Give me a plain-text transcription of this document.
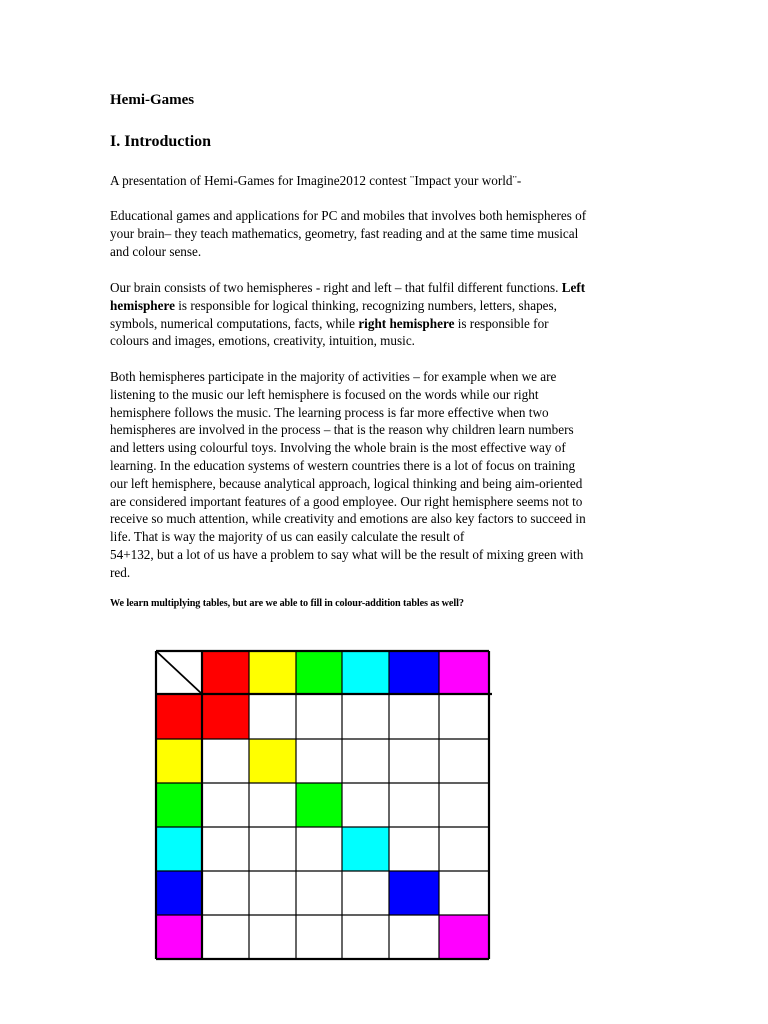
Hemi-Games
I. Introduction
A presentation of Hemi-Games for Imagine2012 contest ¨Impact your world¨-
Educational games and applications for PC and mobiles that involves both hemispheres of
your brain– they teach mathematics, geometry, fast reading and at the same time musical
and colour sense.
Our brain consists of two hemispheres - right and left – that fulfil different functions. Left
hemisphere is responsible for logical thinking, recognizing numbers, letters, shapes,
symbols, numerical computations, facts, while right hemisphere is responsible for
colours and images, emotions, creativity, intuition, music.
Both hemispheres participate in the majority of activities – for example when we are
listening to the music our left hemisphere is focused on the words while our right
hemisphere follows the music. The learning process is far more effective when two
hemispheres are involved in the process – that is the reason why children learn numbers
and letters using colourful toys. Involving the whole brain is the most effective way of
learning. In the education systems of western countries there is a lot of focus on training
our left hemisphere, because analytical approach, logical thinking and being aim-oriented
are considered important features of a good employee. Our right hemisphere seems not to
receive so much attention, while creativity and emotions are also key factors to succeed in
life. That is way the majority of us can easily calculate the result of
54+132, but a lot of us have a problem to say what will be the result of mixing green with
red.
We learn multiplying tables, but are we able to fill in colour-addition tables as well?
